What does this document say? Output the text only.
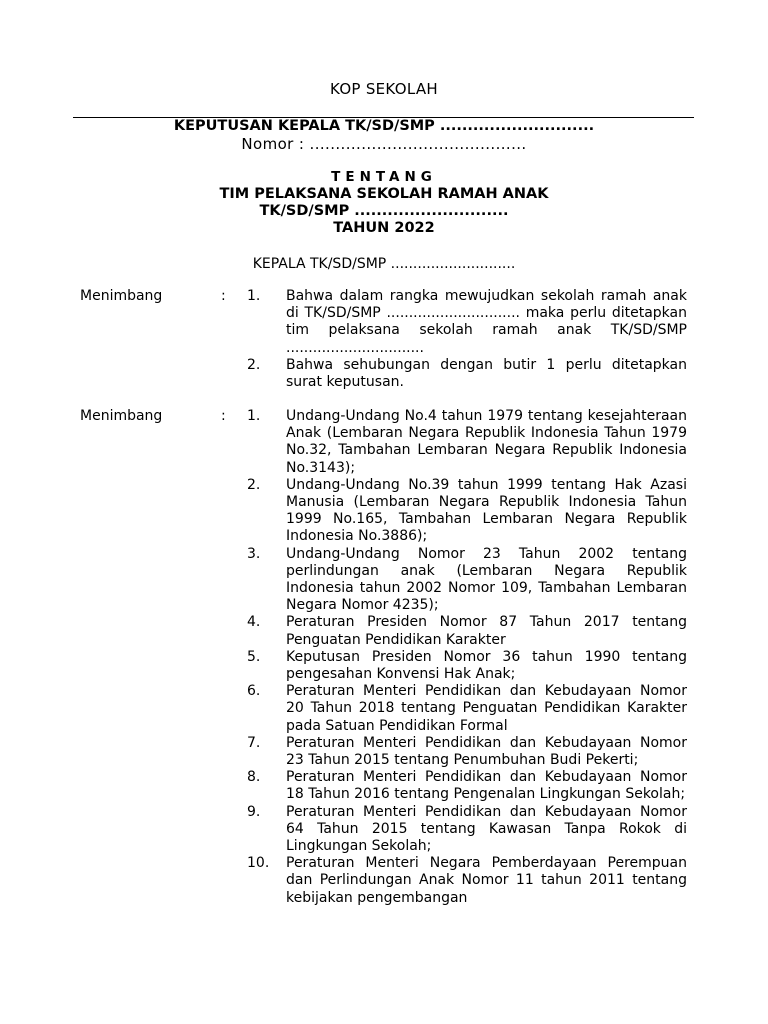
KOP SEKOLAH
KEPUTUSAN KEPALA TK/SD/SMP ............................
Nomor : ..........................................
TENTANG
TIM PELAKSANA SEKOLAH RAMAH ANAK
TK/SD/SMP ............................
TAHUN 2022
KEPALA TK/SD/SMP ............................
Menimbang	: 1.	Bahwa dalam rangka mewujudkan sekolah ramah anak di TK/SD/SMP .............................. maka perlu ditetapkan tim pelaksana sekolah ramah anak TK/SD/SMP ...............................
2.	Bahwa sehubungan dengan butir 1 perlu ditetapkan surat keputusan.
Menimbang	: 1.	Undang-Undang No.4 tahun 1979 tentang kesejahteraan Anak (Lembaran Negara Republik Indonesia Tahun 1979 No.32, Tambahan Lembaran Negara Republik Indonesia No.3143);
2.	Undang-Undang No.39 tahun 1999 tentang Hak Azasi Manusia (Lembaran Negara Republik Indonesia Tahun 1999 No.165, Tambahan Lembaran Negara Republik Indonesia No.3886);
3.	Undang-Undang Nomor 23 Tahun 2002 tentang perlindungan anak (Lembaran Negara Republik Indonesia tahun 2002 Nomor 109, Tambahan Lembaran Negara Nomor 4235);
4.	Peraturan Presiden Nomor 87 Tahun 2017 tentang Penguatan Pendidikan Karakter
5.	Keputusan Presiden Nomor 36 tahun 1990 tentang pengesahan Konvensi Hak Anak;
6.	Peraturan Menteri Pendidikan dan Kebudayaan Nomor 20 Tahun 2018 tentang Penguatan Pendidikan Karakter pada Satuan Pendidikan Formal
7.	Peraturan Menteri Pendidikan dan Kebudayaan Nomor 23 Tahun 2015 tentang Penumbuhan Budi Pekerti;
8.	Peraturan Menteri Pendidikan dan Kebudayaan Nomor 18 Tahun 2016 tentang Pengenalan Lingkungan Sekolah;
9.	Peraturan Menteri Pendidikan dan Kebudayaan Nomor 64 Tahun 2015 tentang Kawasan Tanpa Rokok di Lingkungan Sekolah;
10. Peraturan Menteri Negara Pemberdayaan Perempuan dan Perlindungan Anak Nomor 11 tahun 2011 tentang kebijakan pengembangan
